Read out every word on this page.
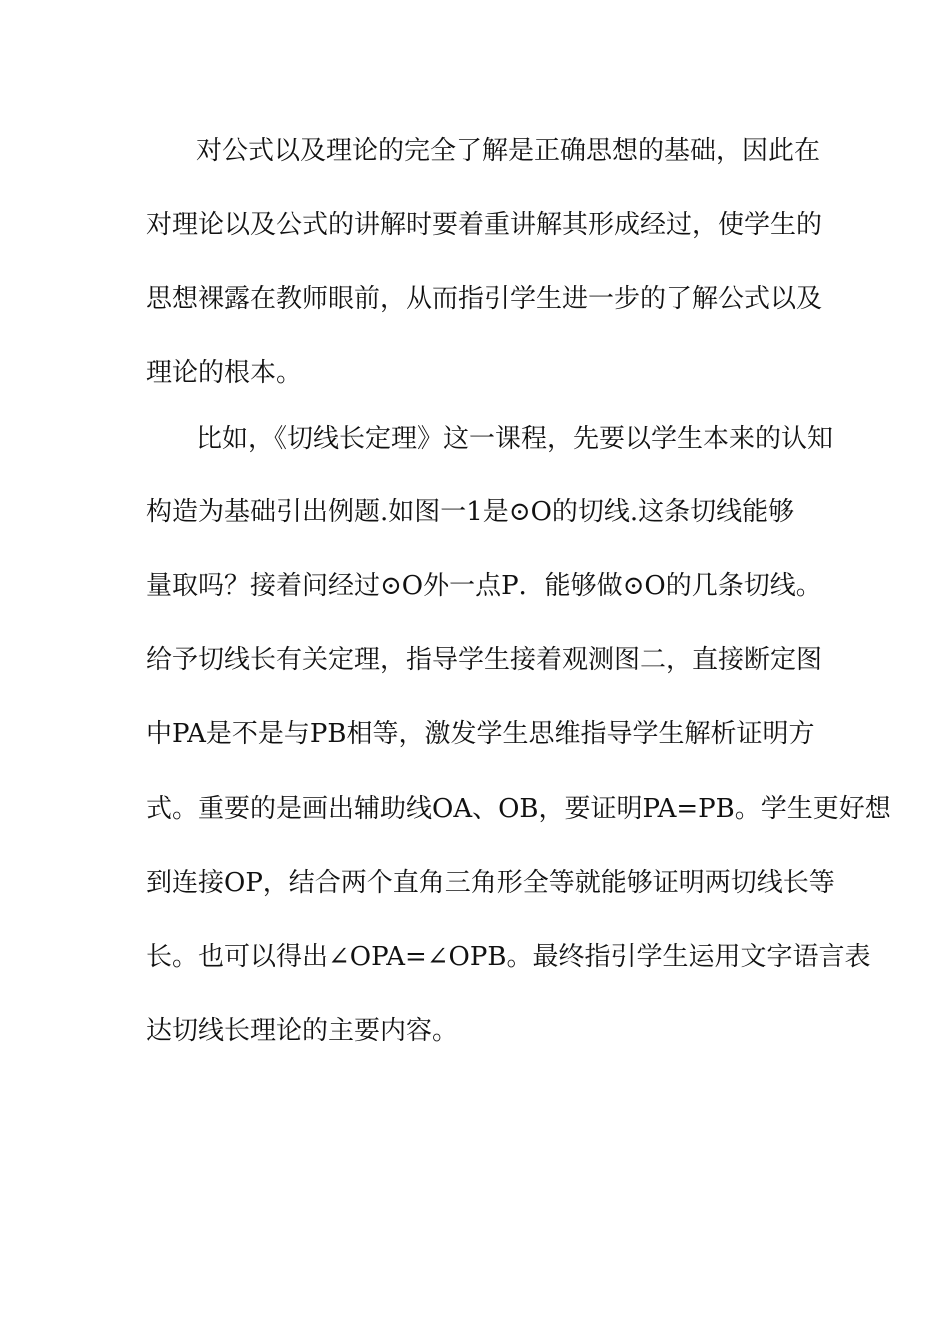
对公式以及理论的完全了解是正确思想的基础，因此在
对理论以及公式的讲解时要着重讲解其形成经过，使学生的
思想裸露在教师眼前，从而指引学生进一步的了解公式以及
理论的根本。
比如，《切线长定理》这一课程，先要以学生本来的认知
构造为基础引出例题.如图一1是⊙O的切线.这条切线能够
量取吗？接着问经过⊙O外一点P．能够做⊙O的几条切线。
给予切线长有关定理，指导学生接着观测图二，直接断定图
中PA是不是与PB相等，激发学生思维指导学生解析证明方
式。重要的是画出辅助线OA、OB，要证明PA=PB。学生更好想
到连接OP，结合两个直角三角形全等就能够证明两切线长等
长。也可以得出∠OPA=∠OPB。最终指引学生运用文字语言表
达切线长理论的主要内容。
